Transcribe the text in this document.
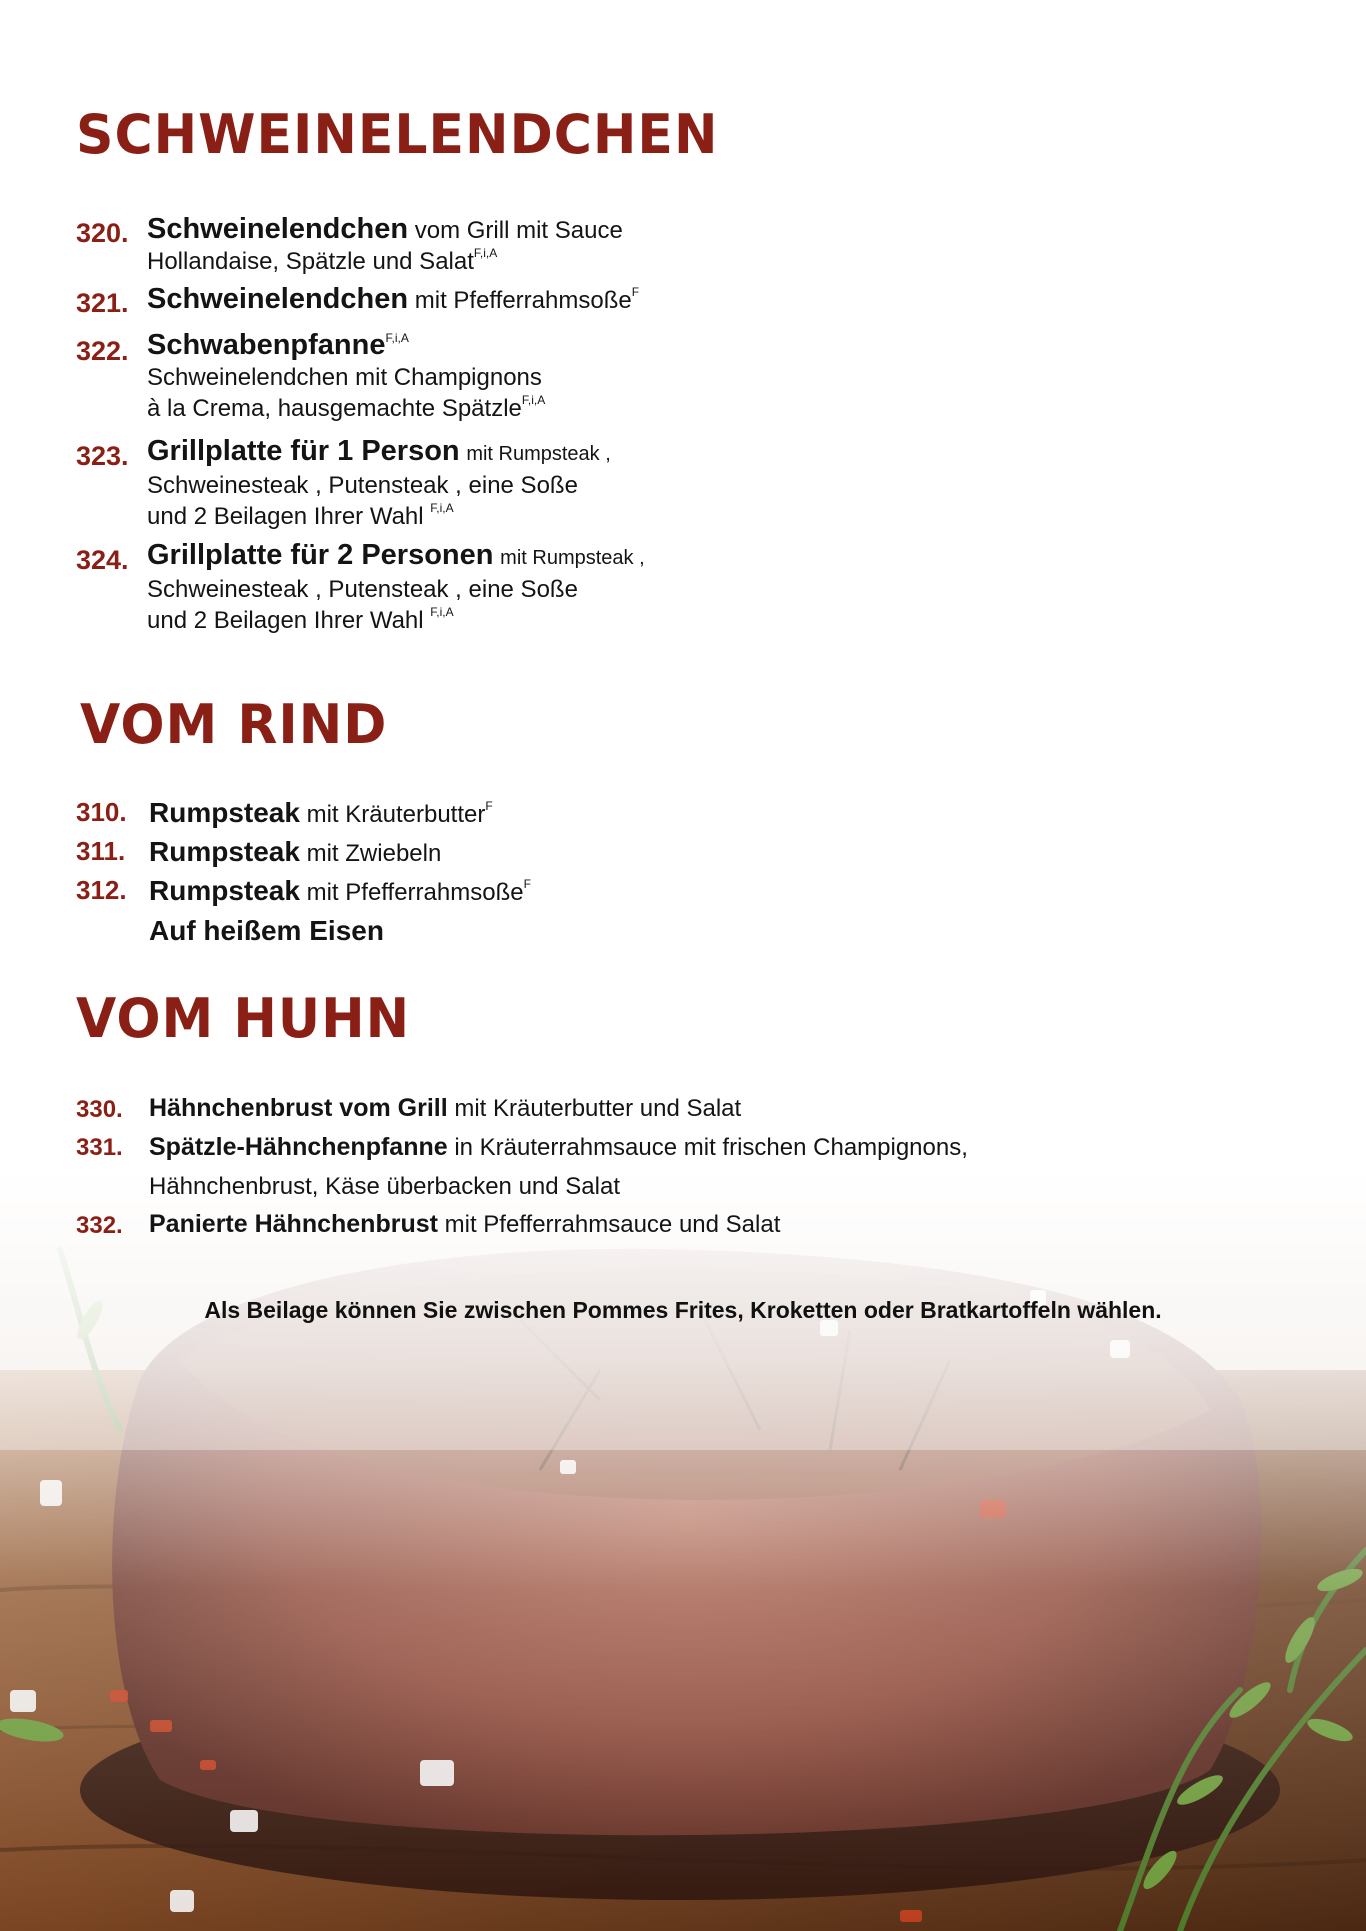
SCHWEINELENDCHEN
320. Schweinelendchen vom Grill mit Sauce
Hollandaise, Spätzle und Salat$^{F,i,A}$
321. Schweinelendchen mit Pfefferrahmsoße$^F$
322. Schwabenpfanne$^{F,i,A}$
Schweinelendchen mit Champignons
à la Crema, hausgemachte Spätzle$^{F,i,A}$
323. Grillplatte für 1 Person mit Rumpsteak ,
Schweinesteak , Putensteak , eine Soße
und 2 Beilagen Ihrer Wahl $^{F,i,A}$
324. Grillplatte für 2 Personen mit Rumpsteak ,
Schweinesteak , Putensteak , eine Soße
und 2 Beilagen Ihrer Wahl $^{F,i,A}$
VOM RIND
310. Rumpsteak mit Kräuterbutter$^F$
311. Rumpsteak mit Zwiebeln
312. Rumpsteak mit Pfefferrahmsoße$^F$
Auf heißem Eisen
VOM HUHN
330. Hähnchenbrust vom Grill mit Kräuterbutter und Salat
331. Spätzle-Hähnchenpfanne in Kräuterrahmsauce mit frischen Champignons,
Hähnchenbrust, Käse überbacken und Salat
332. Panierte Hähnchenbrust mit Pfefferrahmsauce und Salat
Als Beilage können Sie zwischen Pommes Frites, Kroketten oder Bratkartoffeln wählen.
